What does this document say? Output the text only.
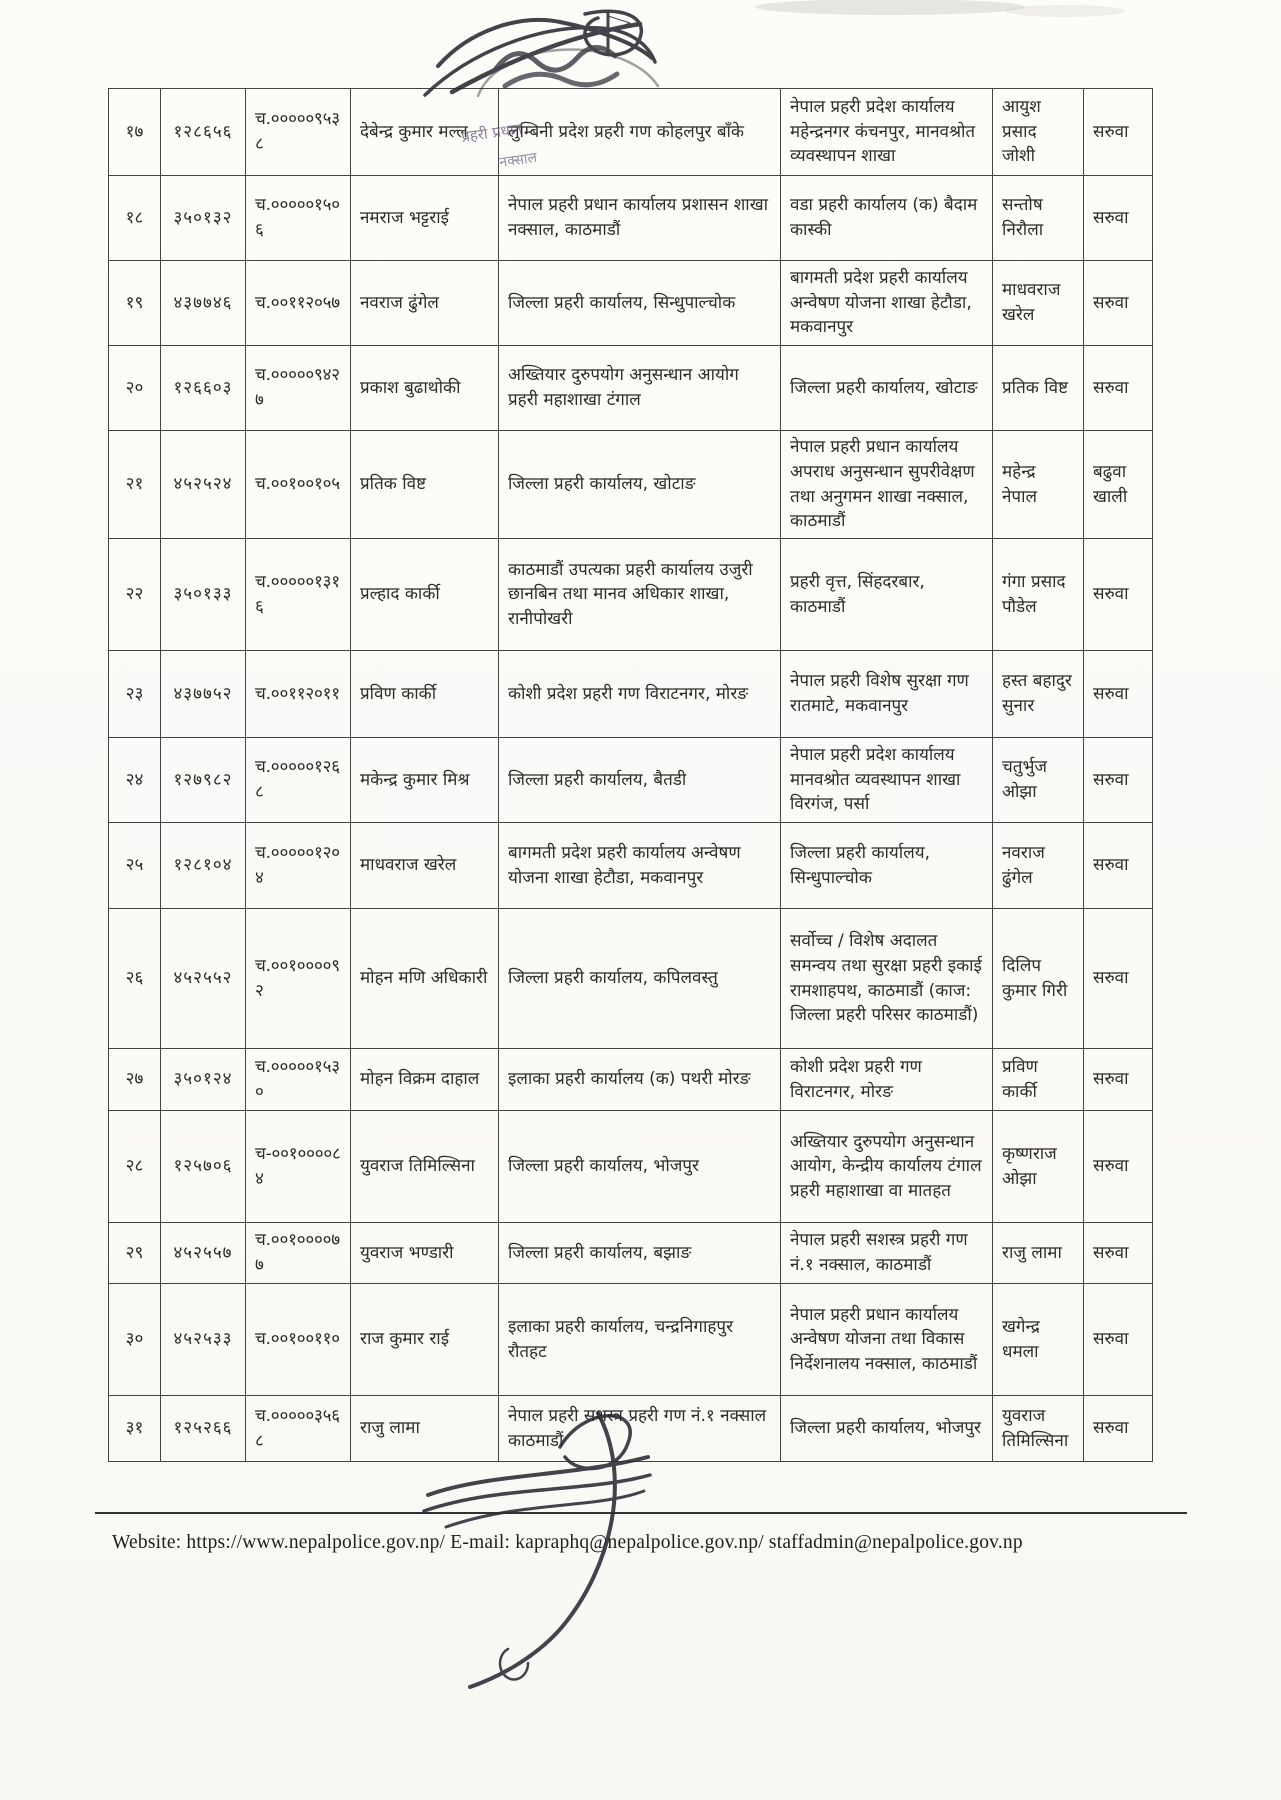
१७	१२८६५६	च.०००००९५३८	देबेन्द्र कुमार मल्ल	लुम्बिनी प्रदेश प्रहरी गण कोहलपुर बाँके	नेपाल प्रहरी प्रदेश कार्यालय महेन्द्रनगर कंचनपुर, मानवश्रोत व्यवस्थापन शाखा	आयुश प्रसाद जोशी	सरुवा
१८	३५०१३२	च.०००००१५०६	नमराज भट्टराई	नेपाल प्रहरी प्रधान कार्यालय प्रशासन शाखा नक्साल, काठमाडौं	वडा प्रहरी कार्यालय (क) बैदाम कास्की	सन्तोष निरौला	सरुवा
१९	४३७७४६	च.००११२०५७	नवराज ढुंगेल	जिल्ला प्रहरी कार्यालय, सिन्धुपाल्चोक	बागमती प्रदेश प्रहरी कार्यालय अन्वेषण योजना शाखा हेटौडा, मकवानपुर	माधवराज खरेल	सरुवा
२०	१२६६०३	च.०००००९४२७	प्रकाश बुढाथोकी	अख्तियार दुरुपयोग अनुसन्धान आयोग प्रहरी महाशाखा टंगाल	जिल्ला प्रहरी कार्यालय, खोटाङ	प्रतिक विष्ट	सरुवा
२१	४५२५२४	च.००१००१०५	प्रतिक विष्ट	जिल्ला प्रहरी कार्यालय, खोटाङ	नेपाल प्रहरी प्रधान कार्यालय अपराध अनुसन्धान सुपरीवेक्षण तथा अनुगमन शाखा नक्साल, काठमाडौं	महेन्द्र नेपाल	बढुवा खाली
२२	३५०१३३	च.०००००१३१६	प्रल्हाद कार्की	काठमाडौं उपत्यका प्रहरी कार्यालय उजुरी छानबिन तथा मानव अधिकार शाखा, रानीपोखरी	प्रहरी वृत्त, सिंहदरबार, काठमाडौं	गंगा प्रसाद पौडेल	सरुवा
२३	४३७७५२	च.००११२०११	प्रविण कार्की	कोशी प्रदेश प्रहरी गण विराटनगर, मोरङ	नेपाल प्रहरी विशेष सुरक्षा गण रातमाटे, मकवानपुर	हस्त बहादुर सुनार	सरुवा
२४	१२७९८२	च.०००००१२६८	मकेन्द्र कुमार मिश्र	जिल्ला प्रहरी कार्यालय, बैतडी	नेपाल प्रहरी प्रदेश कार्यालय मानवश्रोत व्यवस्थापन शाखा विरगंज, पर्सा	चतुर्भुज ओझा	सरुवा
२५	१२८१०४	च.०००००१२०४	माधवराज खरेल	बागमती प्रदेश प्रहरी कार्यालय अन्वेषण योजना शाखा हेटौडा, मकवानपुर	जिल्ला प्रहरी कार्यालय, सिन्धुपाल्चोक	नवराज ढुंगेल	सरुवा
२६	४५२५५२	च.००१००००९२	मोहन मणि अधिकारी	जिल्ला प्रहरी कार्यालय, कपिलवस्तु	सर्वोच्च / विशेष अदालत समन्वय तथा सुरक्षा प्रहरी इकाई रामशाहपथ, काठमाडौं (काज: जिल्ला प्रहरी परिसर काठमाडौं)	दिलिप कुमार गिरी	सरुवा
२७	३५०१२४	च.०००००१५३०	मोहन विक्रम दाहाल	इलाका प्रहरी कार्यालय (क) पथरी मोरङ	कोशी प्रदेश प्रहरी गण विराटनगर, मोरङ	प्रविण कार्की	सरुवा
२८	१२५७०६	च-००१००००८४	युवराज तिमिल्सिना	जिल्ला प्रहरी कार्यालय, भोजपुर	अख्तियार दुरुपयोग अनुसन्धान आयोग, केन्द्रीय कार्यालय टंगाल प्रहरी महाशाखा वा मातहत	कृष्णराज ओझा	सरुवा
२९	४५२५५७	च.००१००००७७	युवराज भण्डारी	जिल्ला प्रहरी कार्यालय, बझाङ	नेपाल प्रहरी सशस्त्र प्रहरी गण नं.१ नक्साल, काठमाडौं	राजु लामा	सरुवा
३०	४५२५३३	च.००१००११०	राज कुमार राई	इलाका प्रहरी कार्यालय, चन्द्रनिगाहपुर रौतहट	नेपाल प्रहरी प्रधान कार्यालय अन्वेषण योजना तथा विकास निर्देशनालय नक्साल, काठमाडौं	खगेन्द्र धमला	सरुवा
३१	१२५२६६	च.०००००३५६८	राजु लामा	नेपाल प्रहरी सशस्त्र प्रहरी गण नं.१ नक्साल काठमाडौं	जिल्ला प्रहरी कार्यालय, भोजपुर	युवराज तिमिल्सिना	सरुवा
प्रहरी प्रधान
नक्साल
Website: https://www.nepalpolice.gov.np/ E-mail: kapraphq@nepalpolice.gov.np/ staffadmin@nepalpolice.gov.np
